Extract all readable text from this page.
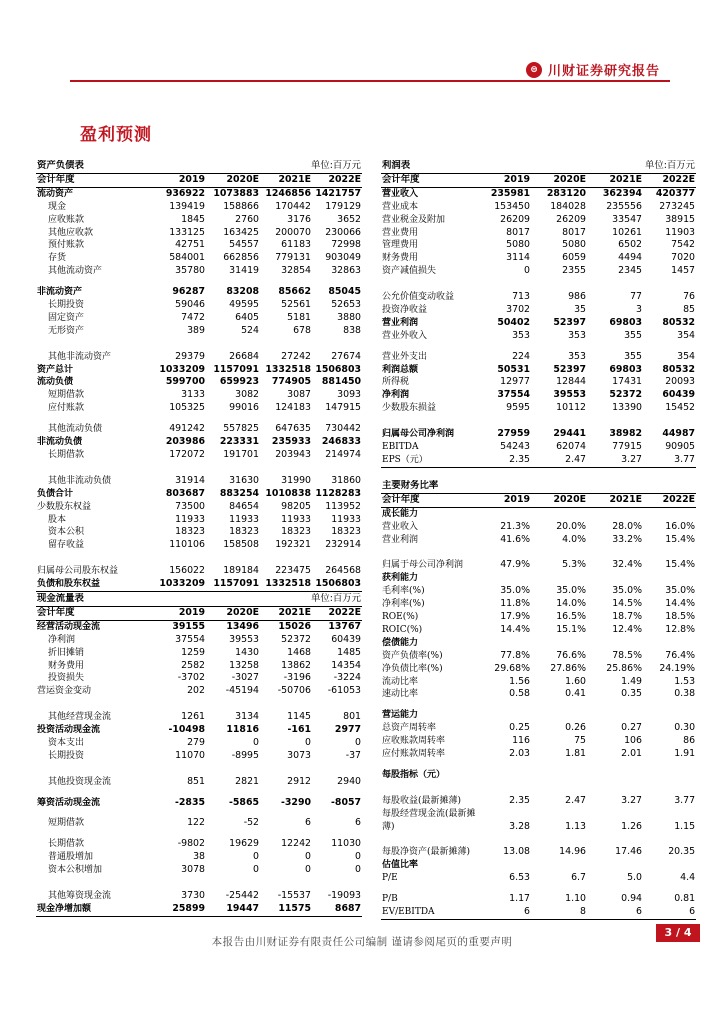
⊜ 川财证券研究报告
盈利预测
资产负债表			单位:百万元	
会计年度	2019	2020E	2021E	2022E
流动资产	936922	1073883	1246856	1421757
现金	139419	158866	170442	179129
应收账款	1845	2760	3176	3652
其他应收款	133125	163425	200070	230066
预付账款	42751	54557	61183	72998
存货	584001	662856	779131	903049
其他流动资产	35780	31419	32854	32863

非流动资产	96287	83208	85662	85045
长期投资	59046	49595	52561	52653
固定资产	7472	6405	5181	3880
无形资产	389	524	678	838

其他非流动资产	29379	26684	27242	27674
资产总计	1033209	1157091	1332518	1506803
流动负债	599700	659923	774905	881450
短期借款	3133	3082	3087	3093
应付账款	105325	99016	124183	147915

其他流动负债	491242	557825	647635	730442
非流动负债	203986	223331	235933	246833
长期借款	172072	191701	203943	214974

其他非流动负债	31914	31630	31990	31860
负债合计	803687	883254	1010838	1128283
少数股东权益	73500	84654	98205	113952
股本	11933	11933	11933	11933
资本公积	18323	18323	18323	18323
留存收益	110106	158508	192321	232914

归属母公司股东权益	156022	189184	223475	264568
负债和股东权益	1033209	1157091	1332518	1506803
现金流量表			单位:百万元	
会计年度	2019	2020E	2021E	2022E
经营活动现金流	39155	13496	15026	13767
净利润	37554	39553	52372	60439
折旧摊销	1259	1430	1468	1485
财务费用	2582	13258	13862	14354
投资损失	-3702	-3027	-3196	-3224
营运资金变动	202	-45194	-50706	-61053

其他经营现金流	1261	3134	1145	801
投资活动现金流	-10498	11816	-161	2977
资本支出	279	0	0	0
长期投资	11070	-8995	3073	-37

其他投资现金流	851	2821	2912	2940

筹资活动现金流	-2835	-5865	-3290	-8057

短期借款	122	-52	6	6

长期借款	-9802	19629	12242	11030
普通股增加	38	0	0	0
资本公积增加	3078	0	0	0

其他筹资现金流	3730	-25442	-15537	-19093
现金净增加额	25899	19447	11575	8687
利润表			单位:百万元	
会计年度	2019	2020E	2021E	2022E
营业收入	235981	283120	362394	420377
营业成本	153450	184028	235556	273245
营业税金及附加	26209	26209	33547	38915
营业费用	8017	8017	10261	11903
管理费用	5080	5080	6502	7542
财务费用	3114	6059	4494	7020
资产减值损失	0	2355	2345	1457

公允价值变动收益	713	986	77	76
投资净收益	3702	35	3	85
营业利润	50402	52397	69803	80532
营业外收入	353	353	355	354

营业外支出	224	353	355	354
利润总额	50531	52397	69803	80532
所得税	12977	12844	17431	20093
净利润	37554	39553	52372	60439
少数股东损益	9595	10112	13390	15452

归属母公司净利润	27959	29441	38982	44987
EBITDA	54243	62074	77915	90905
EPS（元）	2.35	2.47	3.27	3.77
主要财务比率				
会计年度	2019	2020E	2021E	2022E
成长能力				
营业收入	21.3%	20.0%	28.0%	16.0%
营业利润	41.6%	4.0%	33.2%	15.4%

归属于母公司净利润	47.9%	5.3%	32.4%	15.4%
获利能力				
毛利率(%)	35.0%	35.0%	35.0%	35.0%
净利率(%)	11.8%	14.0%	14.5%	14.4%
ROE(%)	17.9%	16.5%	18.7%	18.5%
ROIC(%)	14.4%	15.1%	12.4%	12.8%
偿债能力				
资产负债率(%)	77.8%	76.6%	78.5%	76.4%
净负债比率(%)	29.68%	27.86%	25.86%	24.19%
流动比率	1.56	1.60	1.49	1.53
速动比率	0.58	0.41	0.35	0.38

营运能力				
总资产周转率	0.25	0.26	0.27	0.30
应收账款周转率	116	75	106	86
应付账款周转率	2.03	1.81	2.01	1.91

每股指标（元）				

每股收益(最新摊薄)	2.35	2.47	3.27	3.77

每股经营现金流(最新摊薄)	3.28	1.13	1.26	1.15

每股净资产(最新摊薄)	13.08	14.96	17.46	20.35
估值比率				
P/E	6.53	6.7	5.0	4.4

P/B	1.17	1.10	0.94	0.81
EV/EBITDA	6	8	6	6
本报告由川财证券有限责任公司编制 谨请参阅尾页的重要声明
3 / 4
